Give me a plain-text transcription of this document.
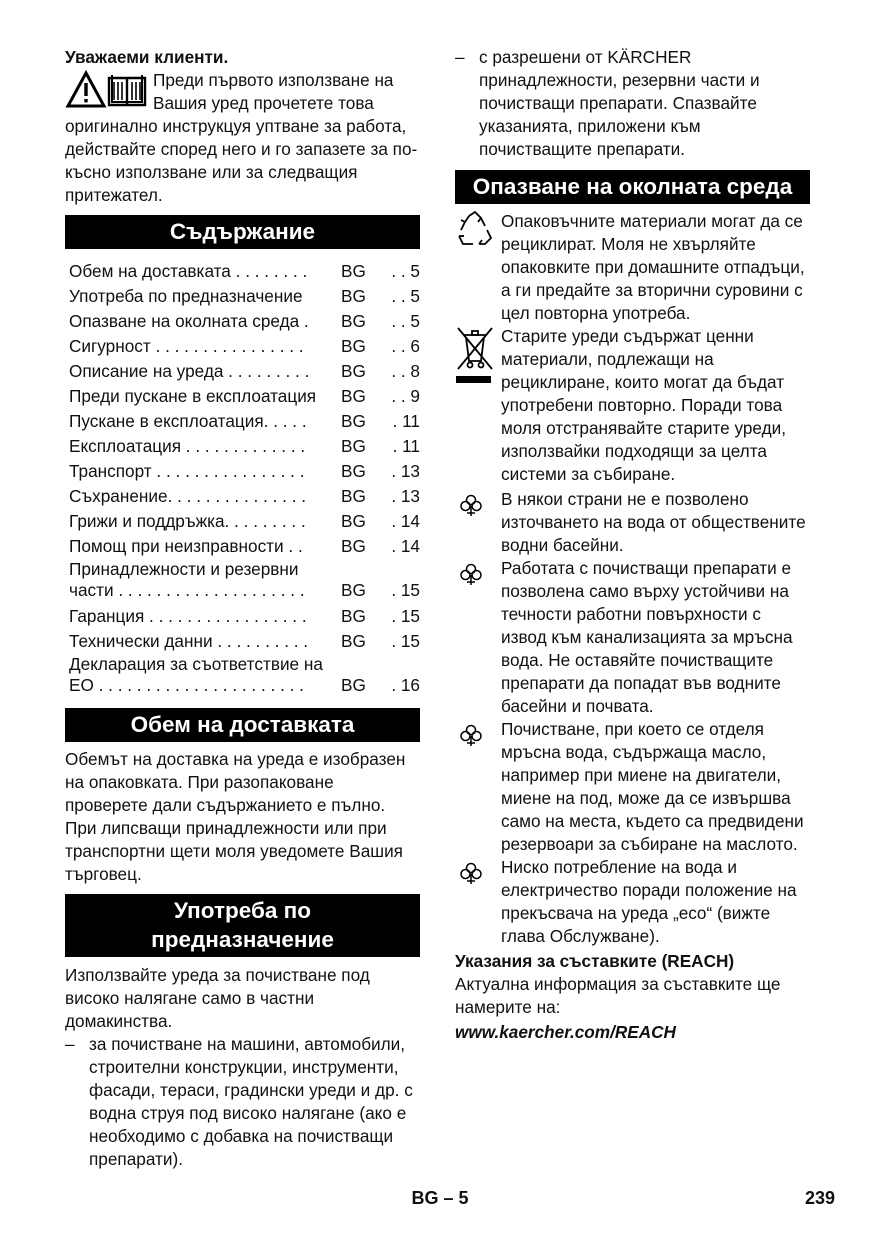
Уважаеми клиенти.

Преди първото използване на Вашия уред прочетете това

оригинално инструкцуя уптване за работа, действайте според него и го запазете за по-късно използване или за следващия притежател.

Съдържание
Обем на доставката . . . . . . . .	BG	. . 5
Употреба по предназначение	BG	. . 5
Опазване на околната среда .	BG	. . 5
Сигурност . . . . . . . . . . . . . . . .	BG	. . 6
Описание на уреда . . . . . . . . .	BG	. . 8
Преди пускане в експлоатация	BG	. . 9
Пускане в експлоатация. . . . .	BG	. 11
Експлоатация . . . . . . . . . . . . .	BG	. 11
Транспорт . . . . . . . . . . . . . . . .	BG	. 13
Съхранение. . . . . . . . . . . . . . .	BG	. 13
Грижи и поддръжка. . . . . . . . .	BG	. 14
Помощ при неизправности . .	BG	. 14
Принадлежности и резервни
части . . . . . . . . . . . . . . . . . . . .	BG	. 15
Гаранция . . . . . . . . . . . . . . . . .	BG	. 15
Технически данни . . . . . . . . . .	BG	. 15
Декларация за съответствие на
ЕО . . . . . . . . . . . . . . . . . . . . . .	BG	. 16
Обем на доставката

Обемът на доставка на уреда е изобразен на опаковката. При разопаковане проверете дали съдържанието е пълно. При липсващи принадлежности или при транспортни щети моля уведомете Вашия търговец.

Употреба по
предназначение

Използвайте уреда за почистване под високо налягане само в частни домакинства.

– за почистване на машини, автомобили, строителни конструкции, инструменти, фасади, тераси, градински уреди и др. с водна струя под високо налягане (ако е необходимо с добавка на почистващи препарати).
– с разрешени от KÄRCHER принадлежности, резервни части и почистващи препарати. Спазвайте указанията, приложени към почистващите препарати.
Опазване на околната среда
Опаковъчните материали могат да се рециклират. Моля не хвърляйте опаковките при домашните отпадъци, а ги предайте за вторични суровини с цел повторна употреба.
Старите уреди съдържат ценни материали, подлежащи на рециклиране, които могат да бъдат употребени повторно. Поради това моля отстранявайте старите уреди, използвайки подходящи за целта системи за събиране.
В някои страни не е позволено източването на вода от обществените водни басейни.
Работата с почистващи препарати е позволена само върху устойчиви на течности работни повърхности с извод към канализацията за мръсна вода. Не оставяйте почистващите препарати да попадат във водните басейни и почвата.
Почистване, при което се отделя мръсна вода, съдържаща масло, например при миене на двигатели, миене на под, може да се извършва само на места, където са предвидени резервоари за събиране на маслото.
Ниско потребление на вода и електричество поради положение на прекъсвача на уреда „eco“ (вижте глава Обслужване).

Указания за съставките (REACH)

Актуална информация за съставките ще намерите на:

www.kaercher.com/REACH

BG – 5	239
